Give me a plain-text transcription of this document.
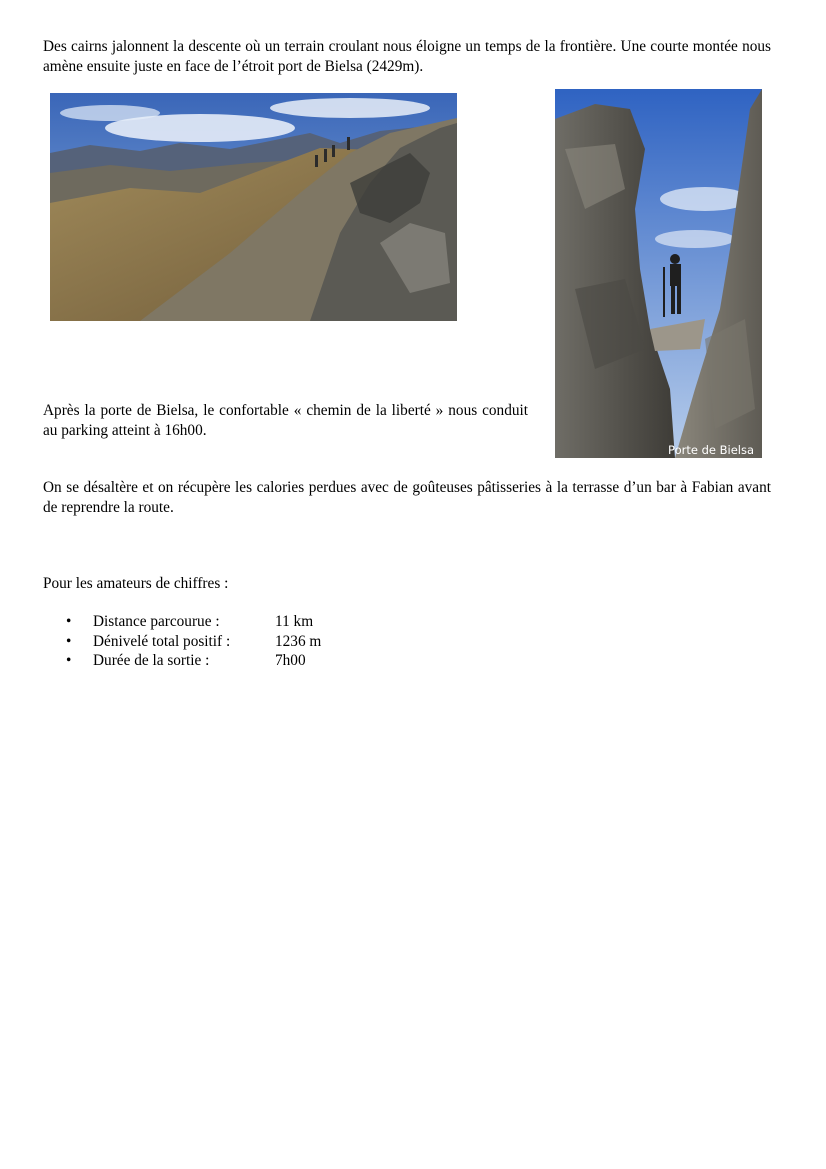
Des cairns jalonnent la descente où un terrain croulant nous éloigne un temps de la frontière. Une courte montée nous amène ensuite juste en face de l’étroit port de Bielsa (2429m).

Porte de Bielsa

Après la porte de Bielsa, le confortable « chemin de la liberté » nous conduit au parking atteint à 16h00.

On se désaltère et on récupère les calories perdues avec de goûteuses pâtisseries à la terrasse d’un bar à Fabian avant de reprendre la route.

Pour les amateurs de chiffres :

• Distance parcourue :	11 km
• Dénivelé total positif :	1236 m
• Durée de la sortie :	7h00
